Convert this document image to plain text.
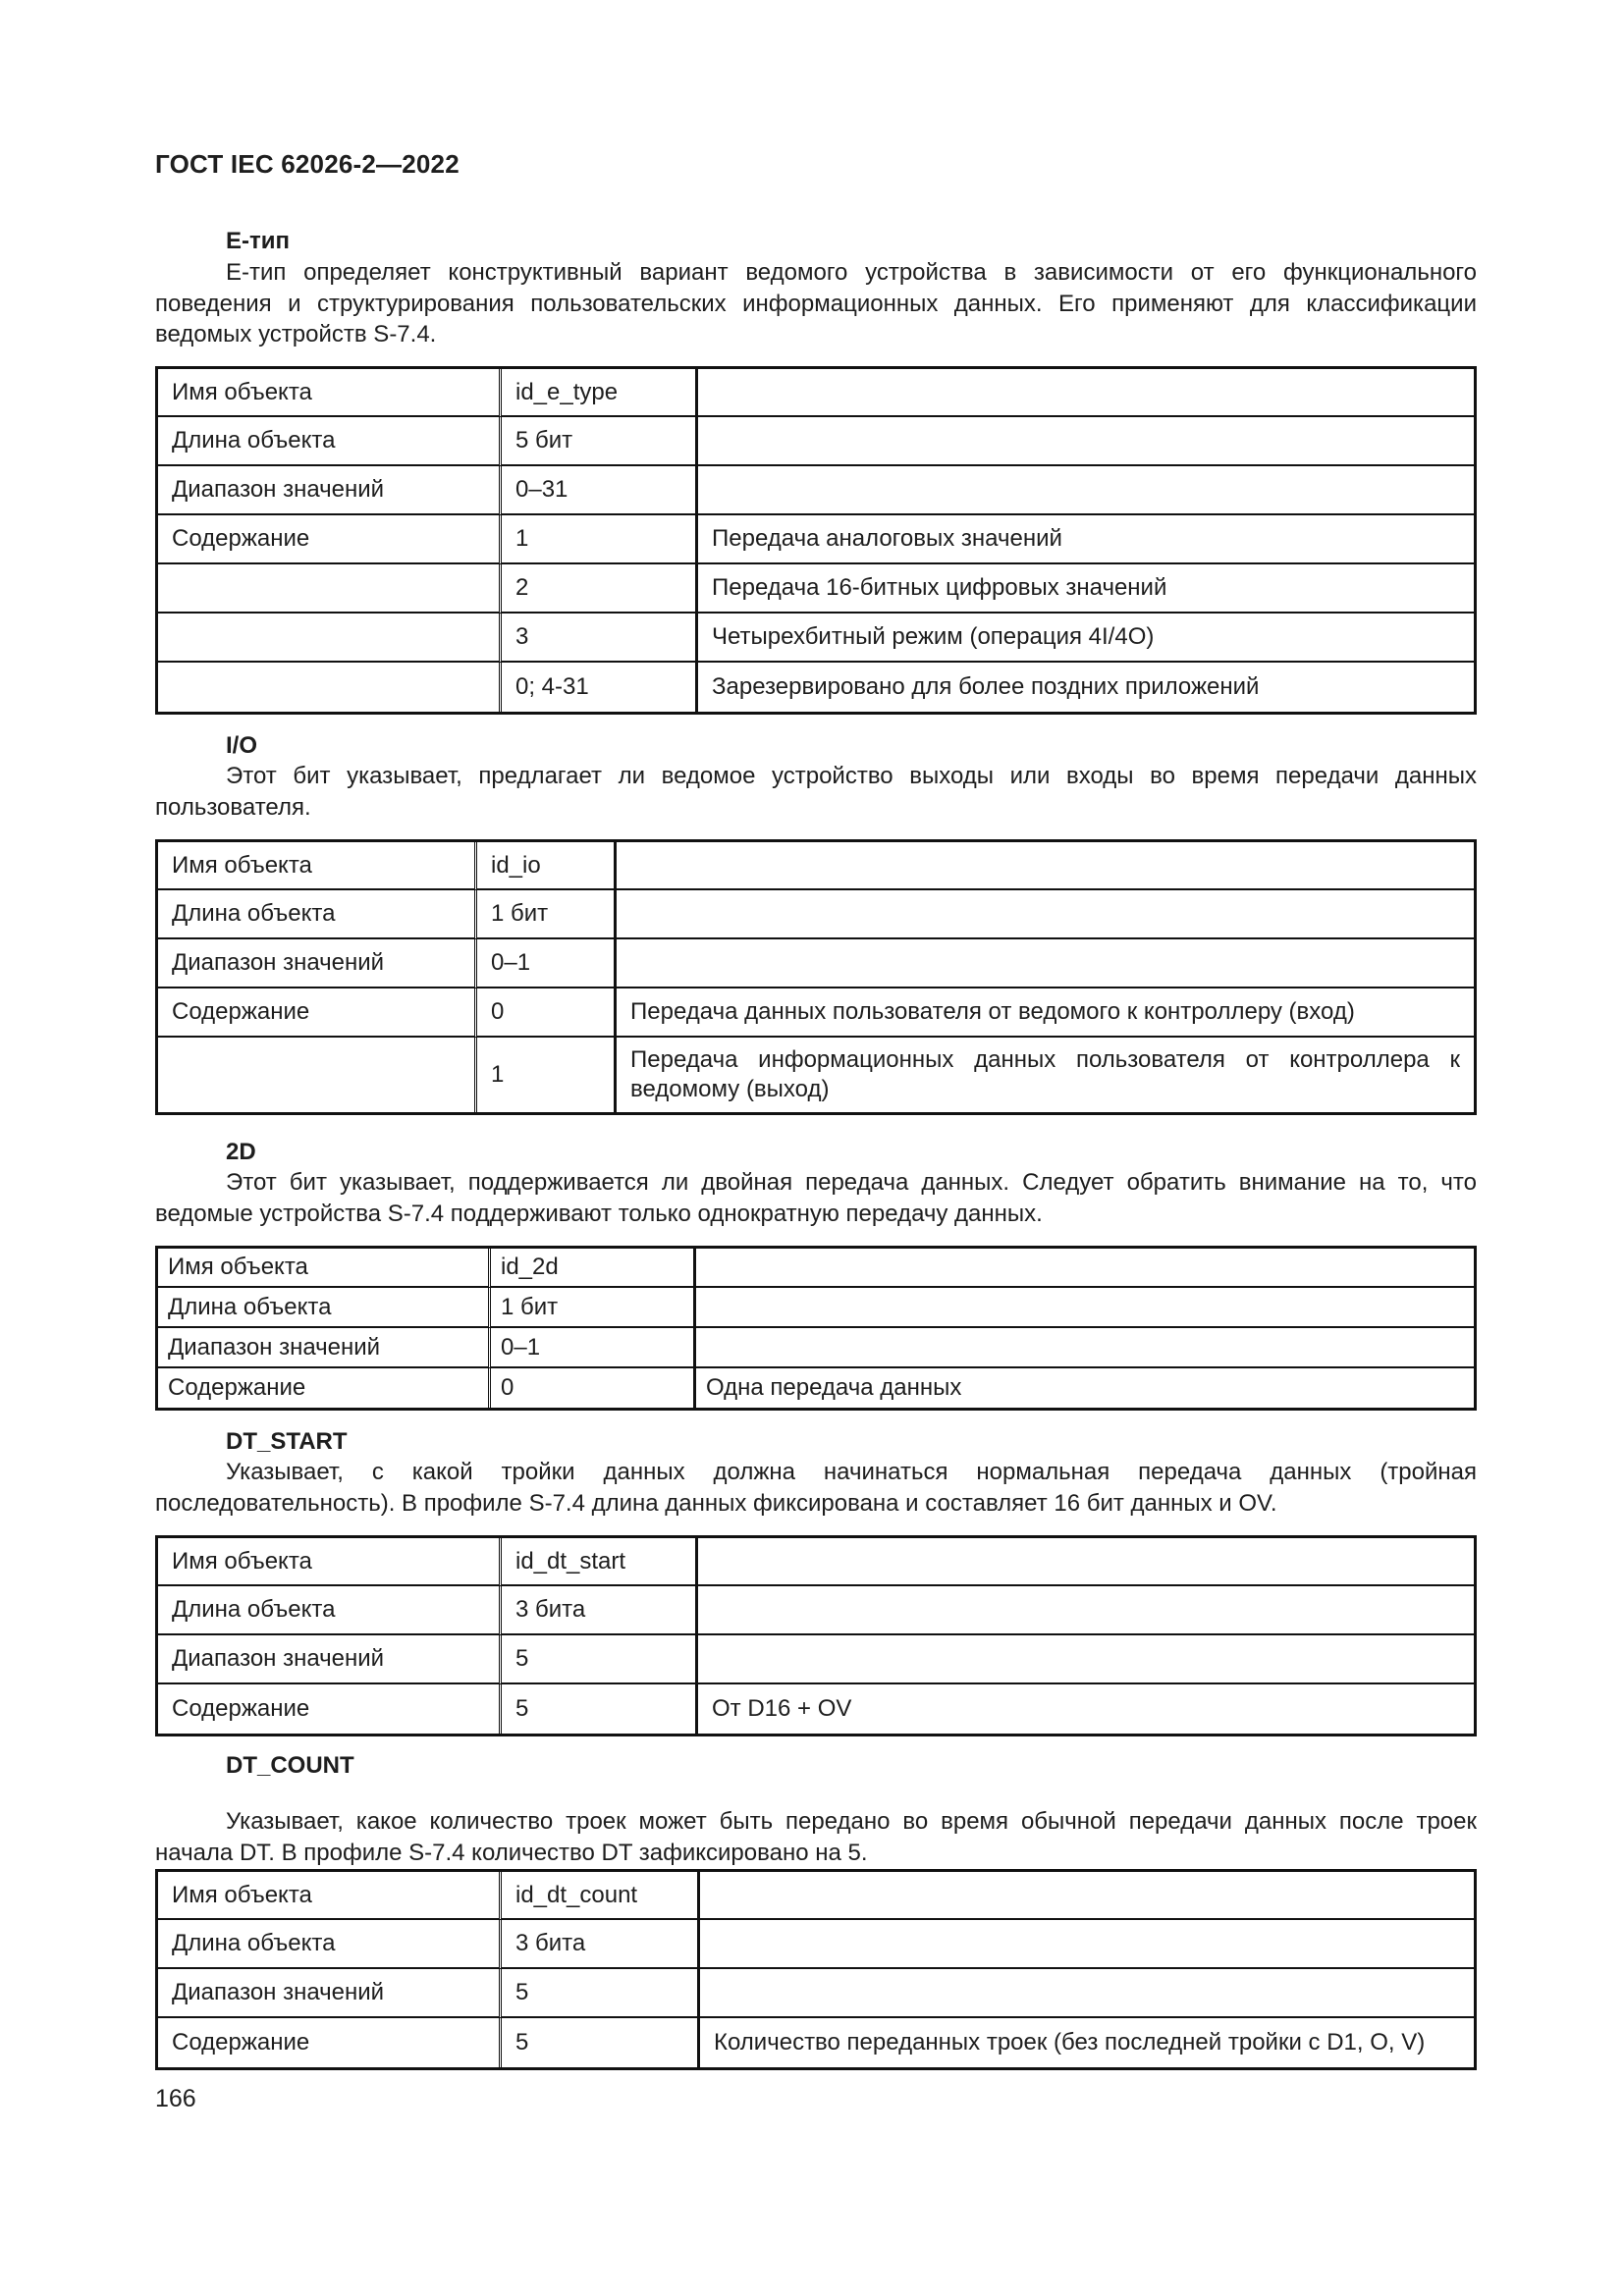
ГОСТ IEC 62026-2—2022
Е-тип
Е-тип определяет конструктивный вариант ведомого устройства в зависимости от его функционального поведения и структурирования пользовательских информационных данных. Его применяют для классификации ведомых устройств S-7.4.
Имя объекта	id_e_type	
Длина объекта	5 бит	
Диапазон значений	0–31	
Содержание	1	Передача аналоговых значений
	2	Передача 16-битных цифровых значений
	3	Четырехбитный режим (операция 4I/4O)
	0; 4-31	Зарезервировано для более поздних приложений
I/O
Этот бит указывает, предлагает ли ведомое устройство выходы или входы во время передачи данных пользователя.
Имя объекта	id_io	
Длина объекта	1 бит	
Диапазон значений	0–1	
Содержание	0	Передача данных пользователя от ведомого к контроллеру (вход)
	1	Передача информационных данных пользователя от контроллера к ведомому (выход)
2D
Этот бит указывает, поддерживается ли двойная передача данных. Следует обратить внимание на то, что ведомые устройства S-7.4 поддерживают только однократную передачу данных.
Имя объекта	id_2d	
Длина объекта	1 бит	
Диапазон значений	0–1	
Содержание	0	Одна передача данных
DT_START
Указывает, с какой тройки данных должна начинаться нормальная передача данных (тройная последовательность). В профиле S-7.4 длина данных фиксирована и составляет 16 бит данных и OV.
Имя объекта	id_dt_start	
Длина объекта	3 бита	
Диапазон значений	5	
Содержание	5	От D16 + OV
DT_COUNT
Указывает, какое количество троек может быть передано во время обычной передачи данных после троек начала DT. В профиле S-7.4 количество DT зафиксировано на 5.
Имя объекта	id_dt_count	
Длина объекта	3 бита	
Диапазон значений	5	
Содержание	5	Количество переданных троек (без последней тройки с D1, O, V)
166
